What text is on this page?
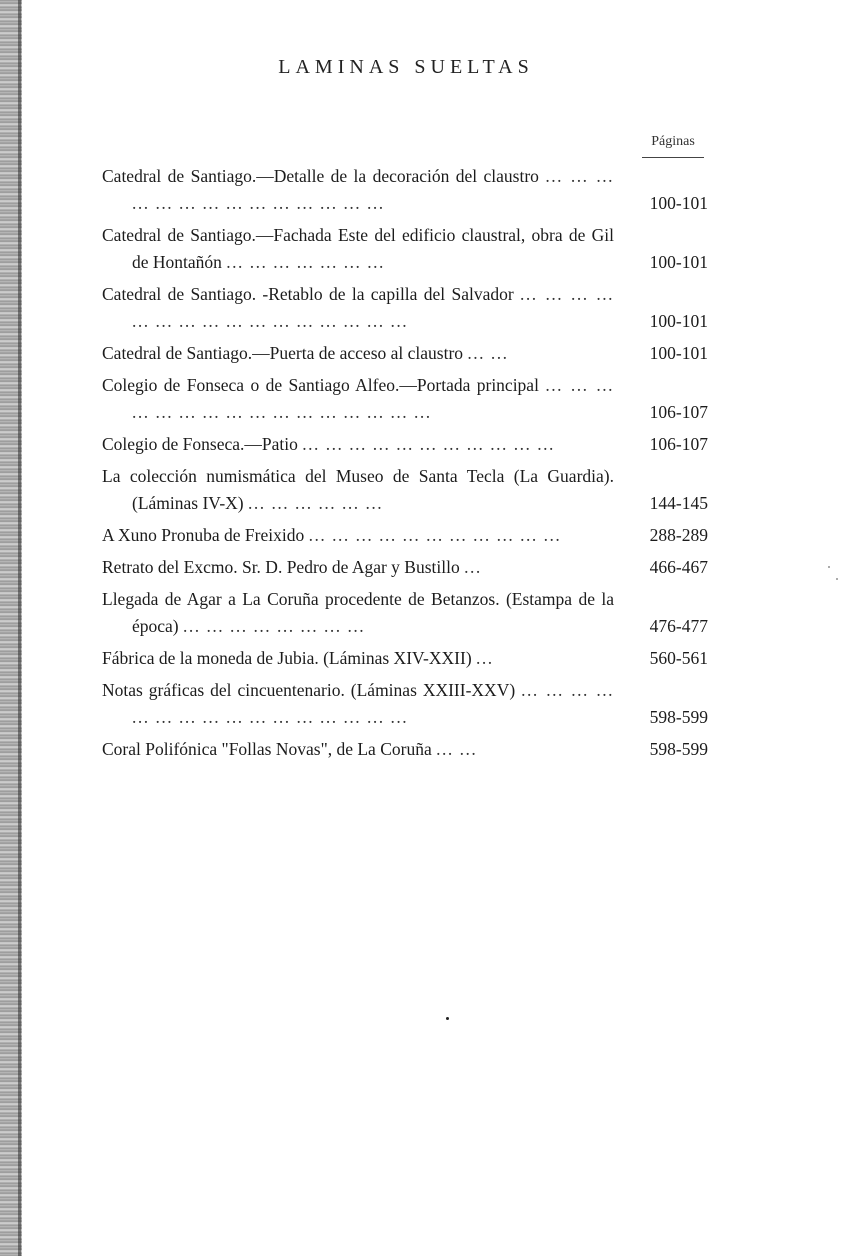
LAMINAS SUELTAS
Páginas
Catedral de Santiago.—Detalle de la decoración del claustro ... ... ... ... ... ... ... ... ... ... ... ... ... ...	100-101
Catedral de Santiago.—Fachada Este del edificio claustral, obra de Gil de Hontañón ... ... ... ... ... ... ...	100-101
Catedral de Santiago. -Retablo de la capilla del Salvador ... ... ... ... ... ... ... ... ... ... ... ... ... ... ... ...	100-101
Catedral de Santiago.—Puerta de acceso al claustro ... ...	100-101
Colegio de Fonseca o de Santiago Alfeo.—Portada principal ... ... ... ... ... ... ... ... ... ... ... ... ... ... ... ...	106-107
Colegio de Fonseca.—Patio ... ... ... ... ... ... ... ... ... ... ...	106-107
La colección numismática del Museo de Santa Tecla (La Guardia). (Láminas IV-X) ... ... ... ... ... ...	144-145
A Xuno Pronuba de Freixido ... ... ... ... ... ... ... ... ... ... ...	288-289
Retrato del Excmo. Sr. D. Pedro de Agar y Bustillo ...	466-467
Llegada de Agar a La Coruña procedente de Betanzos. (Estampa de la época) ... ... ... ... ... ... ... ...	476-477
Fábrica de la moneda de Jubia. (Láminas XIV-XXII) ...	560-561
Notas gráficas del cincuentenario. (Láminas XXIII-XXV) ... ... ... ... ... ... ... ... ... ... ... ... ... ... ... ...	598-599
Coral Polifónica "Follas Novas", de La Coruña ... ...	598-599
